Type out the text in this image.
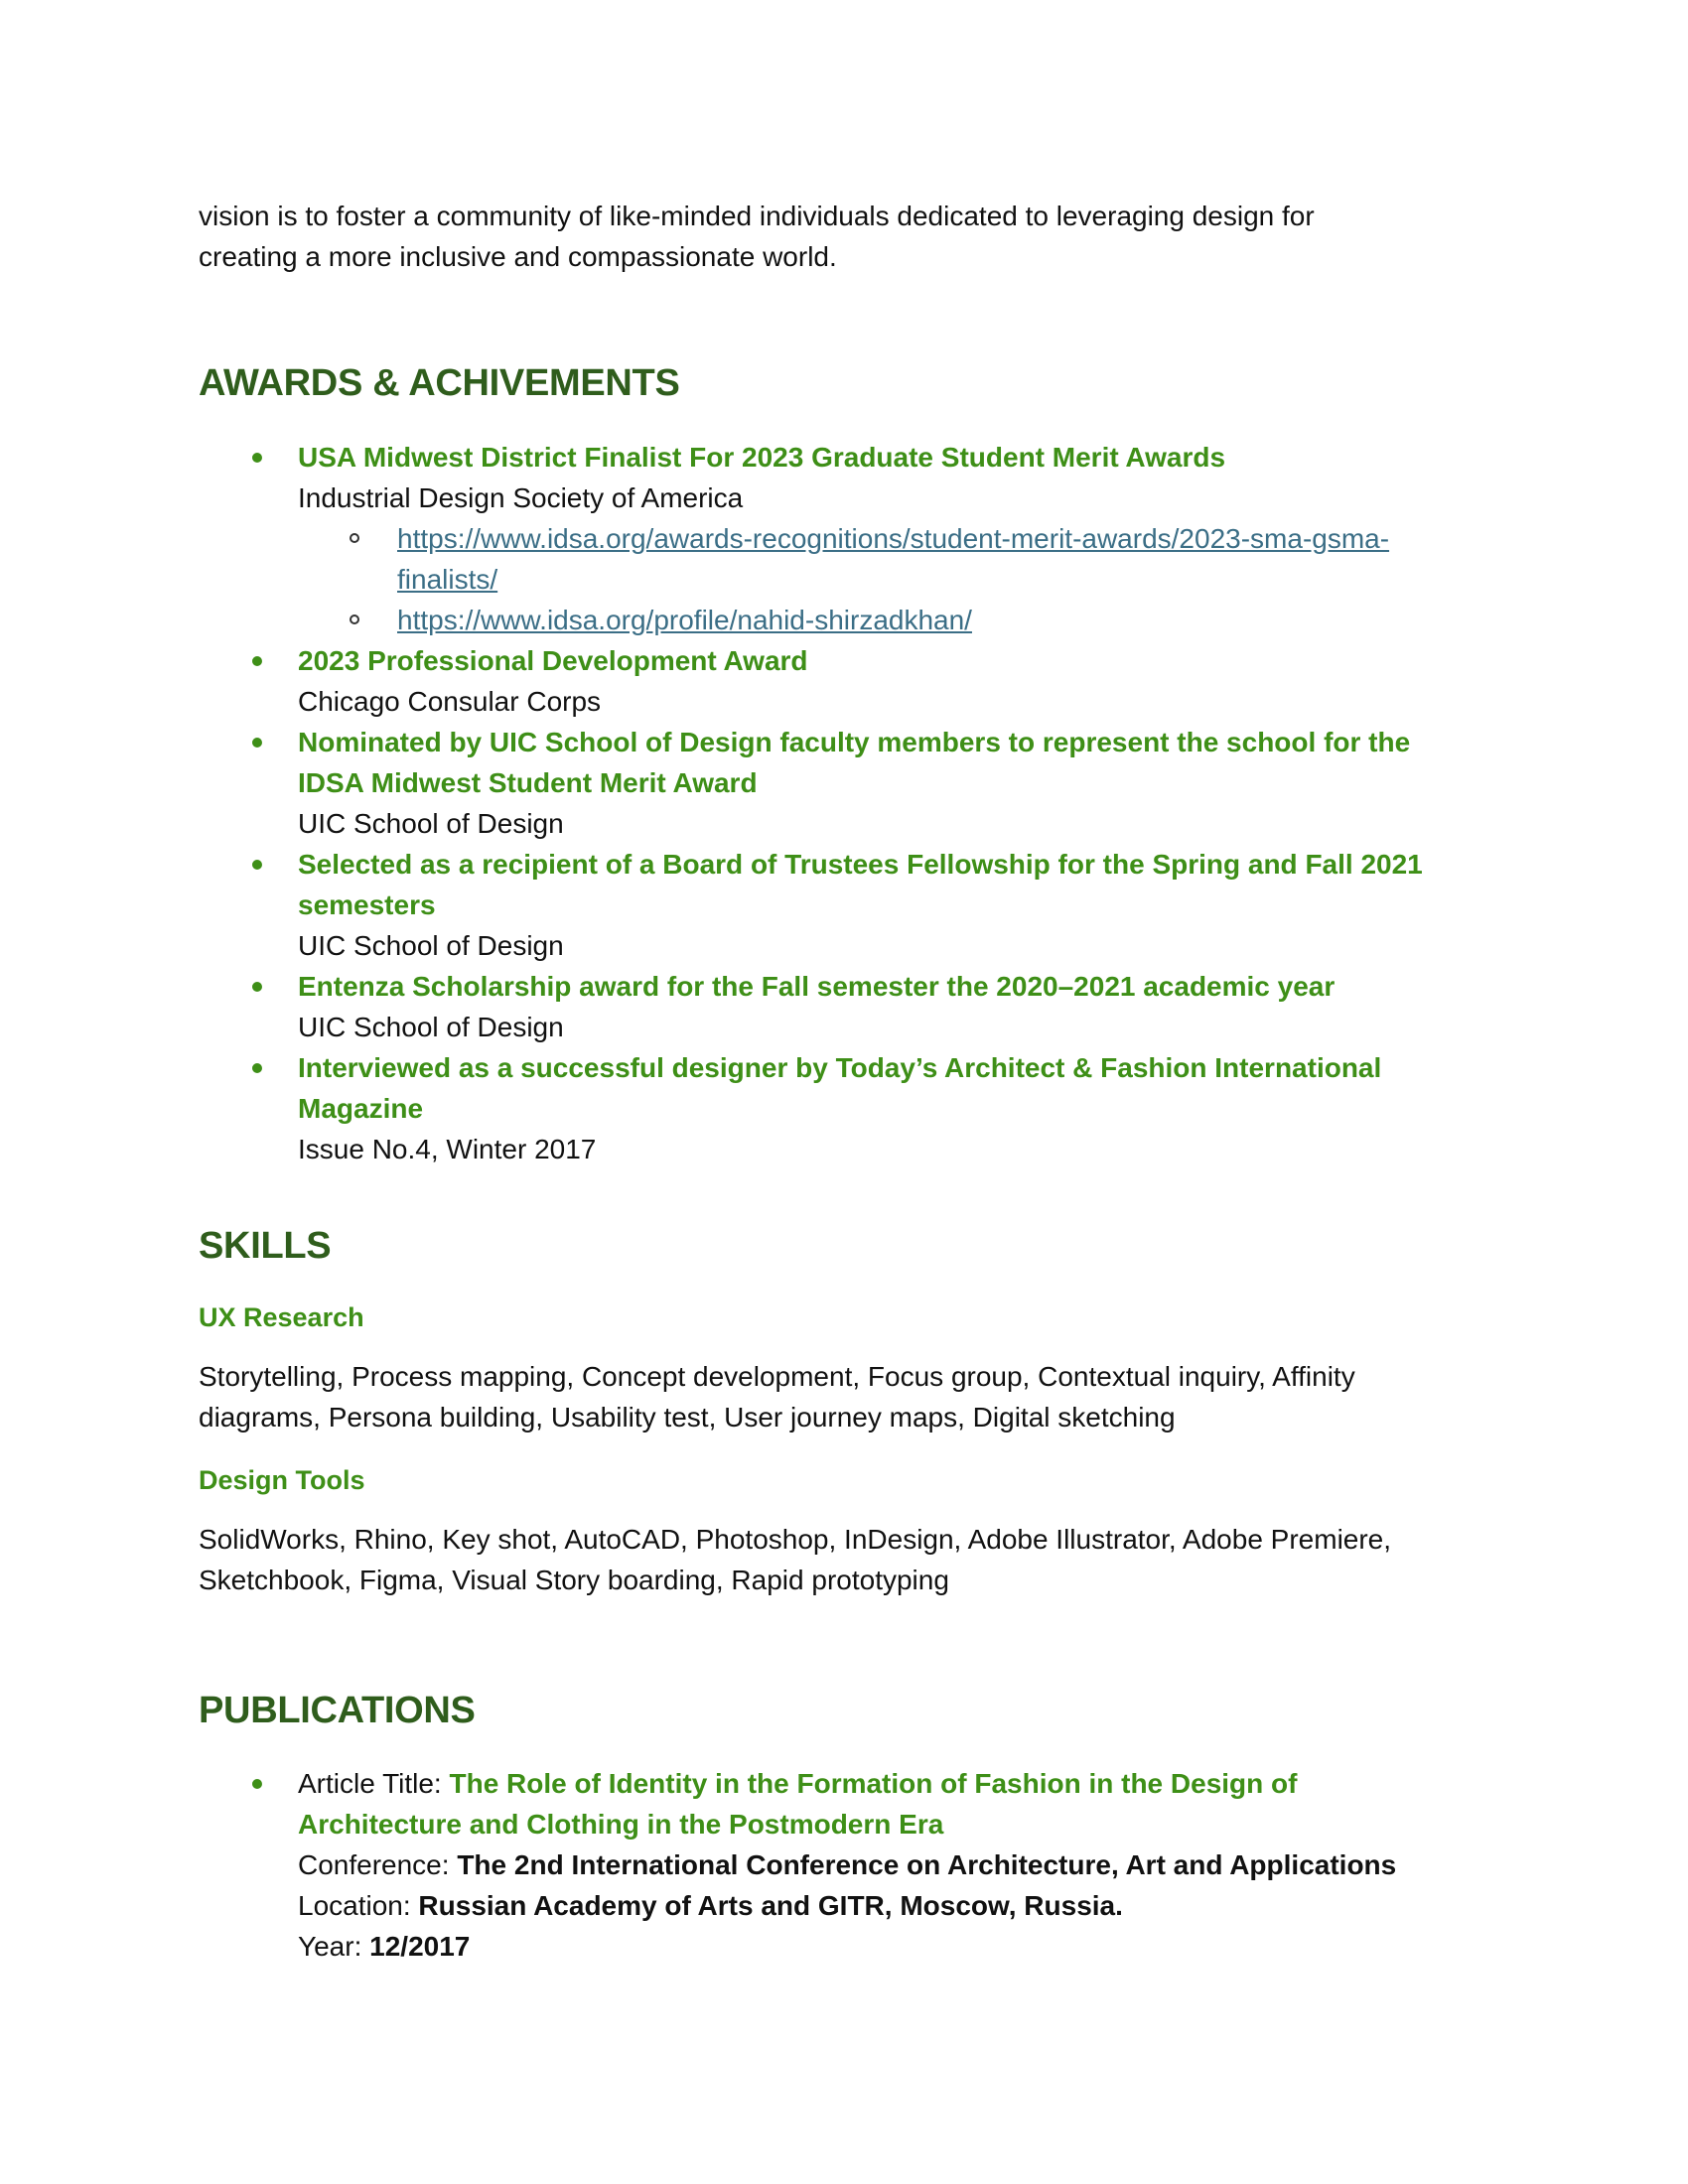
vision is to foster a community of like-minded individuals dedicated to leveraging design for
creating a more inclusive and compassionate world.

AWARDS & ACHIVEMENTS
USA Midwest District Finalist For 2023 Graduate Student Merit Awards
Industrial Design Society of America
https://www.idsa.org/awards-recognitions/student-merit-awards/2023-sma-gsma-
finalists/
https://www.idsa.org/profile/nahid-shirzadkhan/
2023 Professional Development Award
Chicago Consular Corps
Nominated by UIC School of Design faculty members to represent the school for the
IDSA Midwest Student Merit Award
UIC School of Design
Selected as a recipient of a Board of Trustees Fellowship for the Spring and Fall 2021
semesters
UIC School of Design
Entenza Scholarship award for the Fall semester the 2020–2021 academic year
UIC School of Design
Interviewed as a successful designer by Today’s Architect & Fashion International
Magazine
Issue No.4, Winter 2017
SKILLS
UX Research

Storytelling, Process mapping, Concept development, Focus group, Contextual inquiry, Affinity
diagrams, Persona building, Usability test, User journey maps, Digital sketching

Design Tools

SolidWorks, Rhino, Key shot, AutoCAD, Photoshop, InDesign, Adobe Illustrator, Adobe Premiere,
Sketchbook, Figma, Visual Story boarding, Rapid prototyping

PUBLICATIONS
Article Title: The Role of Identity in the Formation of Fashion in the Design of
Architecture and Clothing in the Postmodern Era
Conference: The 2nd International Conference on Architecture, Art and Applications
Location: Russian Academy of Arts and GITR, Moscow, Russia.
Year: 12/2017
